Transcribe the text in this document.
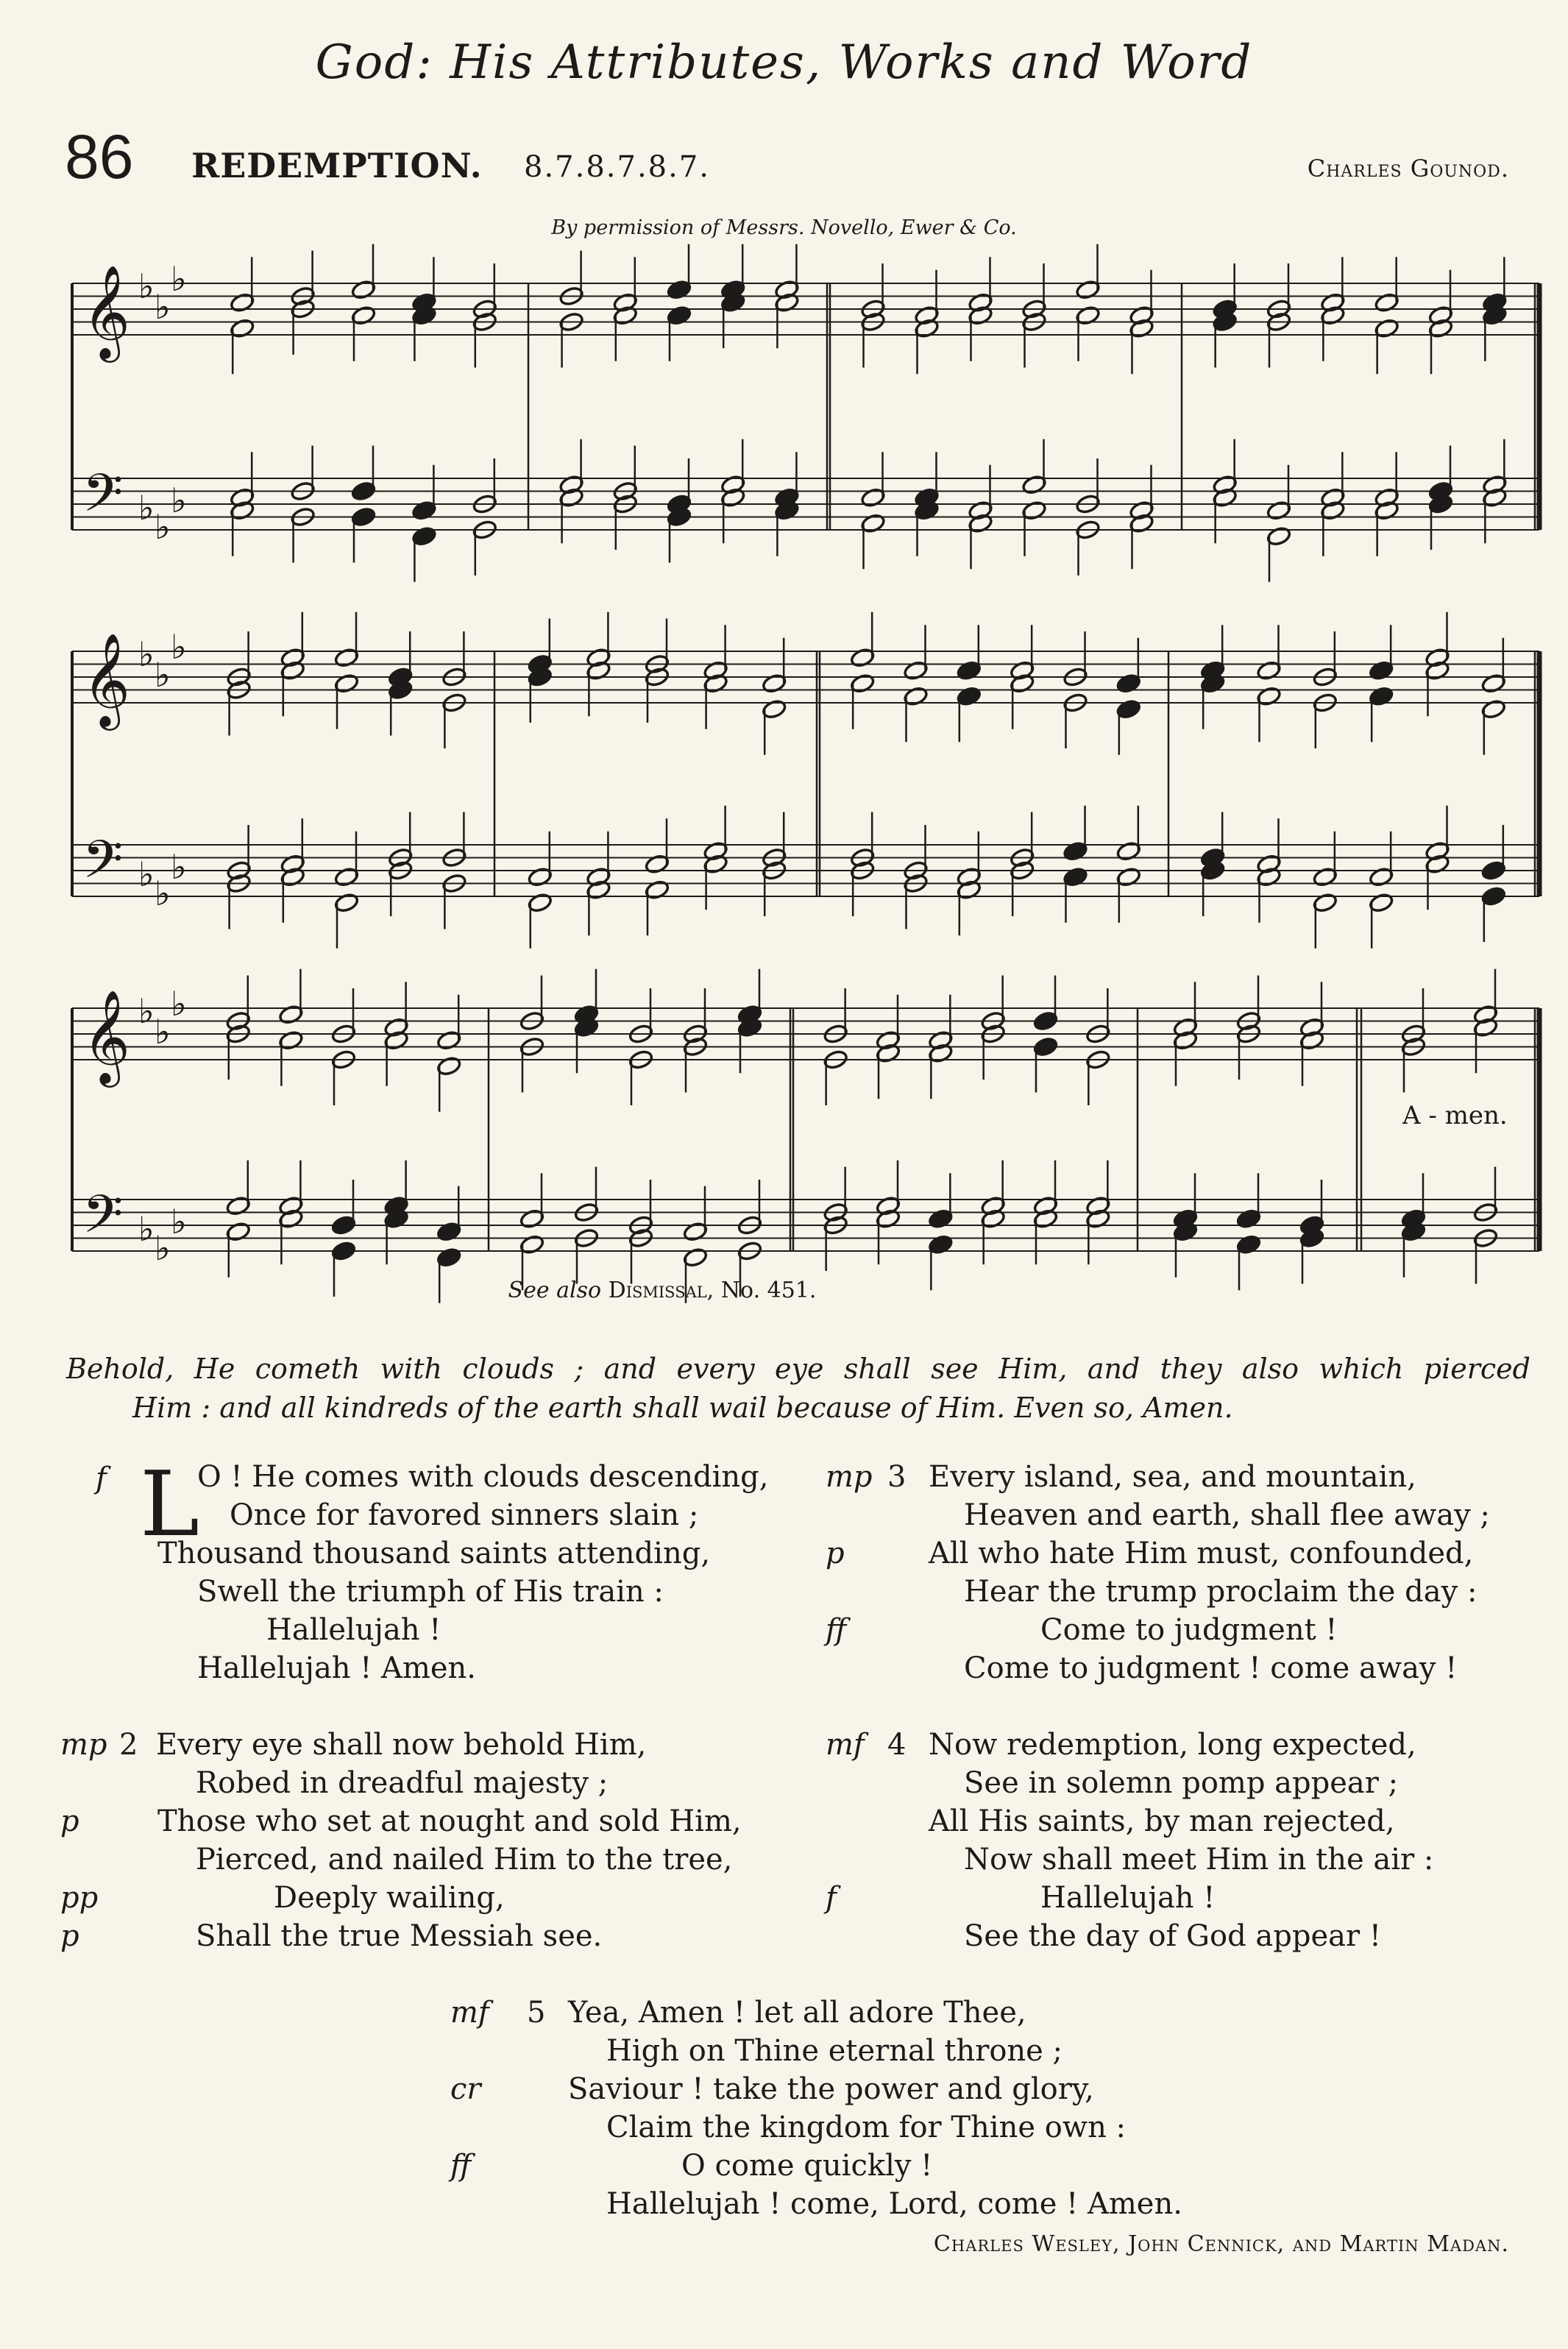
God: His Attributes, Works and Word
86 REDEMPTION. 8.7.8.7.8.7.	Charles Gounod.
By permission of Messrs. Novello, Ewer & Co.
𝄞 ♭
♭
♭
𝄢 ♭ ♭
♭
𝄞 ♭
♭
♭
𝄢 ♭ ♭
♭
𝄞 ♭
♭
♭
𝄢 ♭ ♭
♭
A - men.
See also Dismissal, No. 451.
Behold, He cometh with clouds ; and every eye shall see Him, and they also which pierced
Him : and all kindreds of the earth shall wail because of Him. Even so, Amen.
f L
O ! He comes with clouds descending,
Once for favored sinners slain ;
Thousand thousand saints attending,
Swell the triumph of His train :
Hallelujah !
Hallelujah ! Amen.
mp 2 Every eye shall now behold Him,
Robed in dreadful majesty ;
p	Those who set at nought and sold Him,
Pierced, and nailed Him to the tree,
pp	Deeply wailing,
p	Shall the true Messiah see.
mp 3 Every island, sea, and mountain,
Heaven and earth, shall flee away ;
p	All who hate Him must, confounded,
Hear the trump proclaim the day :
ff	Come to judgment !
Come to judgment ! come away !
mf 4 Now redemption, long expected,
See in solemn pomp appear ;
All His saints, by man rejected,
Now shall meet Him in the air :
f	Hallelujah !
See the day of God appear !
mf 5 Yea, Amen ! let all adore Thee,
High on Thine eternal throne ;
cr	Saviour ! take the power and glory,
Claim the kingdom for Thine own :
ff	O come quickly !
Hallelujah ! come, Lord, come ! Amen.
Charles Wesley, John Cennick, and Martin Madan.
